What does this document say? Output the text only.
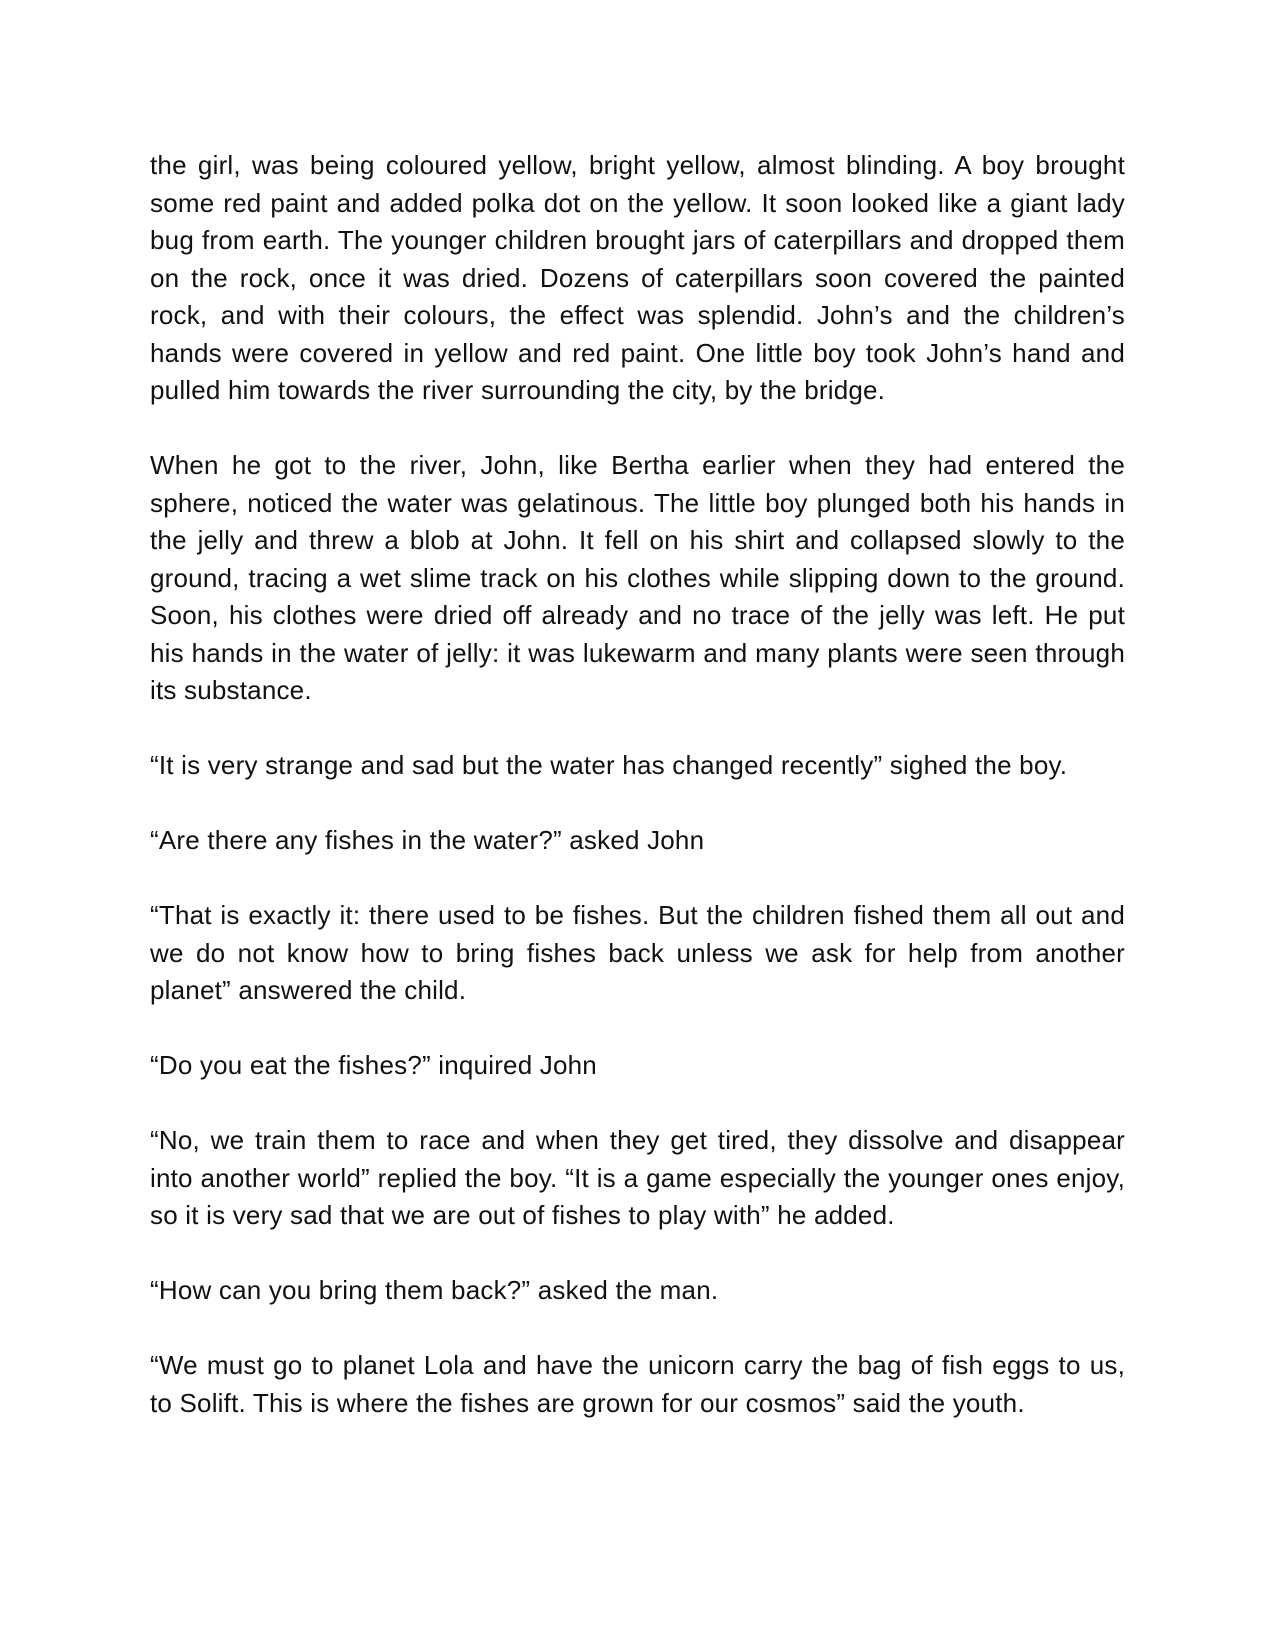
the girl, was being coloured yellow, bright yellow, almost blinding. A boy brought some red paint and added polka dot on the yellow. It soon looked like a giant lady bug from earth. The younger children brought jars of caterpillars and dropped them on the rock, once it was dried. Dozens of caterpillars soon covered the painted rock, and with their colours, the effect was splendid. John’s and the children’s hands were covered in yellow and red paint. One little boy took John’s hand and pulled him towards the river surrounding the city, by the bridge.

When he got to the river, John, like Bertha earlier when they had entered the sphere, noticed the water was gelatinous. The little boy plunged both his hands in the jelly and threw a blob at John. It fell on his shirt and collapsed slowly to the ground, tracing a wet slime track on his clothes while slipping down to the ground. Soon, his clothes were dried off already and no trace of the jelly was left. He put his hands in the water of jelly: it was lukewarm and many plants were seen through its substance.

“It is very strange and sad but the water has changed recently” sighed the boy.

“Are there any fishes in the water?” asked John

“That is exactly it: there used to be fishes. But the children fished them all out and we do not know how to bring fishes back unless we ask for help from another planet” answered the child.

“Do you eat the fishes?” inquired John

“No, we train them to race and when they get tired, they dissolve and disappear into another world” replied the boy. “It is a game especially the younger ones enjoy, so it is very sad that we are out of fishes to play with” he added.

“How can you bring them back?” asked the man.

“We must go to planet Lola and have the unicorn carry the bag of fish eggs to us, to Solift. This is where the fishes are grown for our cosmos” said the youth.
